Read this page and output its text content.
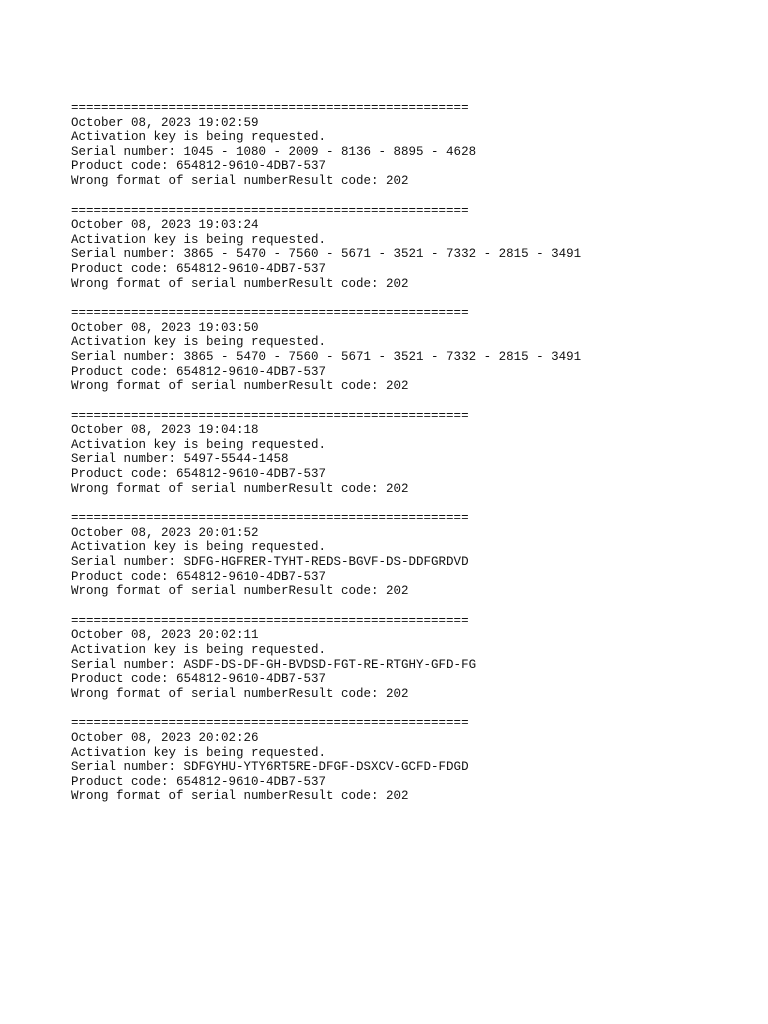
=====================================================
October 08, 2023 19:02:59
Activation key is being requested.
Serial number: 1045 - 1080 - 2009 - 8136 - 8895 - 4628
Product code: 654812-9610-4DB7-537
Wrong format of serial numberResult code: 202
=====================================================
October 08, 2023 19:03:24
Activation key is being requested.
Serial number: 3865 - 5470 - 7560 - 5671 - 3521 - 7332 - 2815 - 3491
Product code: 654812-9610-4DB7-537
Wrong format of serial numberResult code: 202
=====================================================
October 08, 2023 19:03:50
Activation key is being requested.
Serial number: 3865 - 5470 - 7560 - 5671 - 3521 - 7332 - 2815 - 3491
Product code: 654812-9610-4DB7-537
Wrong format of serial numberResult code: 202
=====================================================
October 08, 2023 19:04:18
Activation key is being requested.
Serial number: 5497-5544-1458
Product code: 654812-9610-4DB7-537
Wrong format of serial numberResult code: 202
=====================================================
October 08, 2023 20:01:52
Activation key is being requested.
Serial number: SDFG-HGFRER-TYHT-REDS-BGVF-DS-DDFGRDVD
Product code: 654812-9610-4DB7-537
Wrong format of serial numberResult code: 202
=====================================================
October 08, 2023 20:02:11
Activation key is being requested.
Serial number: ASDF-DS-DF-GH-BVDSD-FGT-RE-RTGHY-GFD-FG
Product code: 654812-9610-4DB7-537
Wrong format of serial numberResult code: 202
=====================================================
October 08, 2023 20:02:26
Activation key is being requested.
Serial number: SDFGYHU-YTY6RT5RE-DFGF-DSXCV-GCFD-FDGD
Product code: 654812-9610-4DB7-537
Wrong format of serial numberResult code: 202
